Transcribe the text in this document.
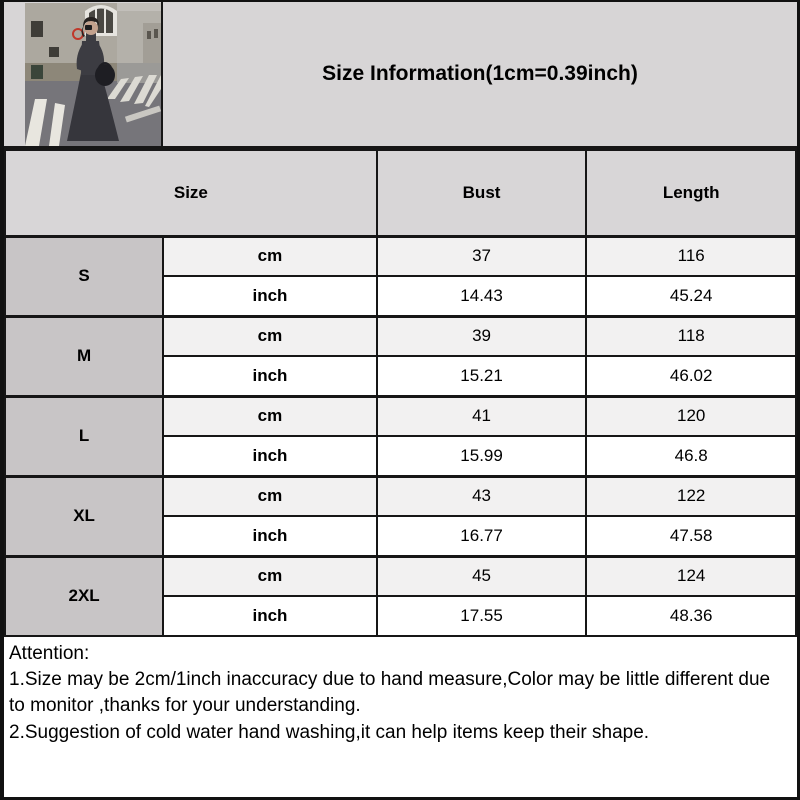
Size Information(1cm=0.39inch)
Size		Bust	Length
S	cm	37	116
	inch	14.43	45.24
M	cm	39	118
	inch	15.21	46.02
L	cm	41	120
	inch	15.99	46.8
XL	cm	43	122
	inch	16.77	47.58
2XL	cm	45	124
	inch	17.55	48.36

Attention:

1.Size may be 2cm/1inch inaccuracy due to hand measure,Color may be little different due to monitor ,thanks for your understanding.

2.Suggestion of cold water hand washing,it can help items keep their shape.
